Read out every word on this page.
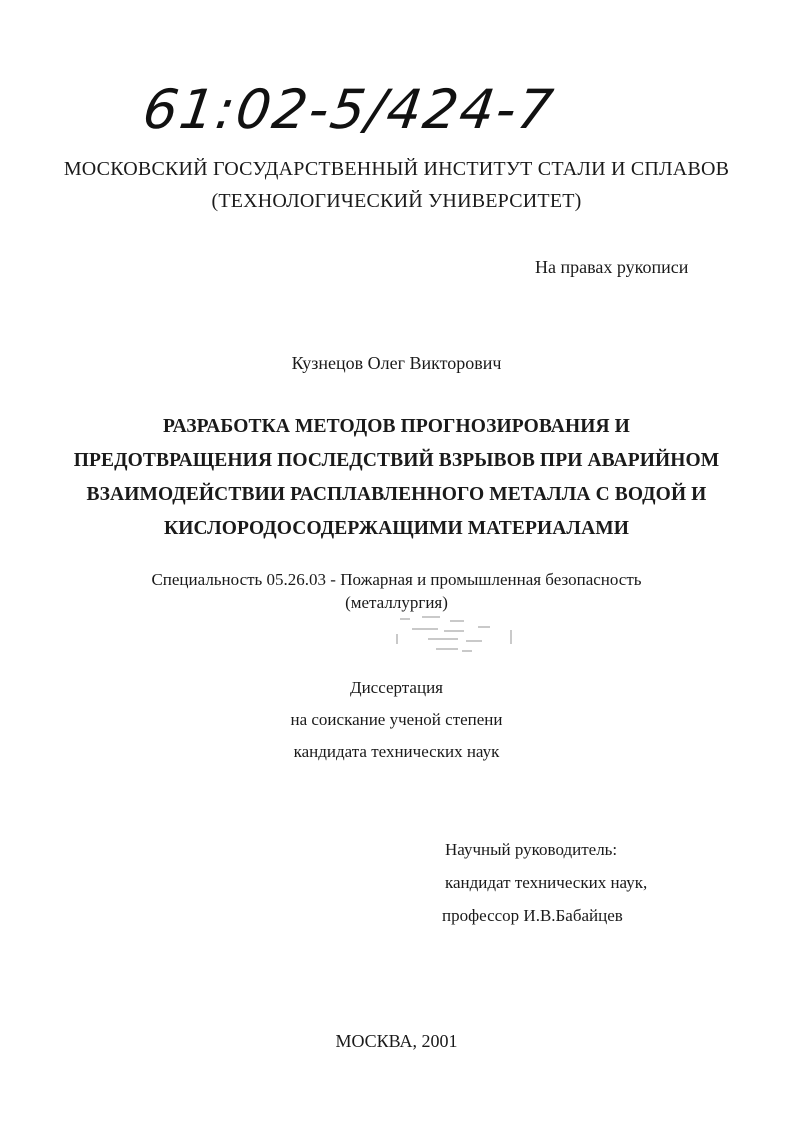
61:02-5/424-7
МОСКОВСКИЙ ГОСУДАРСТВЕННЫЙ ИНСТИТУТ СТАЛИ И СПЛАВОВ
(ТЕХНОЛОГИЧЕСКИЙ УНИВЕРСИТЕТ)
На правах рукописи
Кузнецов Олег Викторович
РАЗРАБОТКА МЕТОДОВ ПРОГНОЗИРОВАНИЯ И
ПРЕДОТВРАЩЕНИЯ ПОСЛЕДСТВИЙ ВЗРЫВОВ ПРИ АВАРИЙНОМ
ВЗАИМОДЕЙСТВИИ РАСПЛАВЛЕННОГО МЕТАЛЛА С ВОДОЙ И
КИСЛОРОДОСОДЕРЖАЩИМИ МАТЕРИАЛАМИ
Специальность 05.26.03 - Пожарная и промышленная безопасность
(металлургия)
Диссертация
на соискание ученой степени
кандидата технических наук
Научный руководитель:
кандидат технических наук,
профессор И.В.Бабайцев
МОСКВА, 2001
